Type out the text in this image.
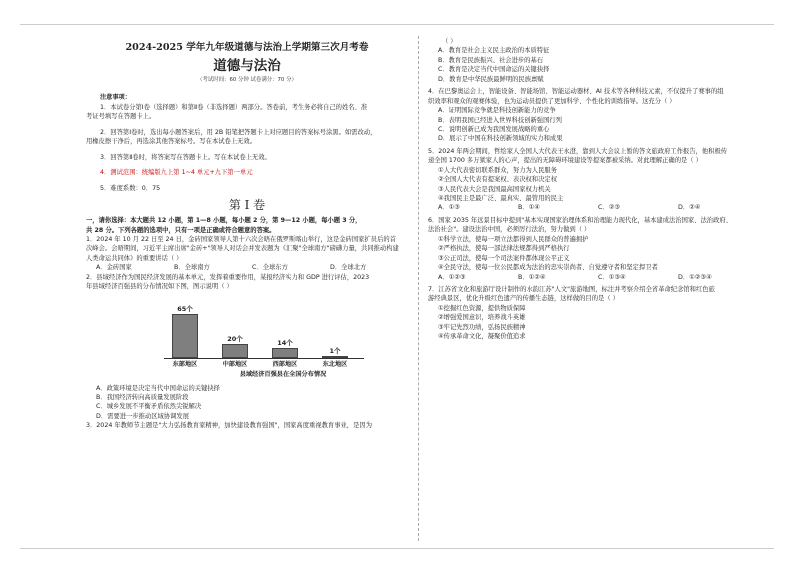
2024-2025 学年九年级道德与法治上学期第三次月考卷
道德与法治
（考试时间：60 分钟 试卷满分：70 分）
注意事项：

1．本试卷分第Ⅰ卷（选择题）和第Ⅱ卷（非选择题）两部分。答卷前，考生务必将自己的姓名、准

考证号填写在答题卡上。

2．回答第Ⅰ卷时，选出每小题答案后，用 2B 铅笔把答题卡上对应题目的答案标号涂黑。如需改动，

用橡皮擦干净后，再选涂其他答案标号。写在本试卷上无效。

3．回答第Ⅱ卷时，将答案写在答题卡上。写在本试卷上无效。

4．测试范围：统编版九上第 1~4 单元+九下第一单元

5．难度系数：0．75

第 Ⅰ 卷

一，请你选择：本大题共 12 小题，第 1—8 小题，每小题 2 分，第 9—12 小题，每小题 3 分，

共 28 分。下列各题的选项中，只有一项是正确或符合题意的答案。

1．2024 年 10 月 22 日至 24 日，金砖国家领导人第十六次会晤在俄罗斯喀山举行，这是金砖国家扩员后的首

次峰会。会晤期间，习近平主席出席"金砖+"领导人对话会并发表题为《汇聚"全球南方"磅礴力量，共同推动构建

人类命运共同体》的重要讲话（ ）

A．金砖国家	B．全球南方	C．全球东方	D．全球北方

2．县域经济作为国民经济发展的基本单元，发挥着重要作用，某报经济实力和 GDP 进行评估，2023

年县域经济百强县的分布情况如下图，图示说明（ ）

65个
东部地区
20个
中部地区
14个
西部地区
1个
东北地区
县域经济百强县在全国分布情况

A．政策环境是决定当代中国命运的关键抉择

B．我国经济转向高质量发展阶段

C．城乡发展不平衡矛盾依然尖锐解决

D．需要进一步推动区域协调发展

3．2024 年教师节主题是"大力弘扬教育家精神，加快建设教育强国"，国家高度重视教育事业，是因为

（ ）

A．教育是社会主义民主政治的本质特征

B．教育是民族振兴、社会进步的基石

C．教育是决定当代中国命运的关键抉择

D．教育是中华民族最鲜明的民族禀赋

4．在巴黎奥运会上，智能设备、智能场馆、智能运动器材、AI 技术等各种科技元素，不仅提升了赛事的组

织效率和观众的观赛体验，也为运动员提供了更加科学、个性化的训练指导。这充分（ ）

A．证明国际竞争就是科技创新能力的竞争

B．表明我国已经进入世界科技创新强国行列

C．说明创新已成为我国发展战略的重心

D．展示了中国在科技创新领域的实力和成果

5．2024 年两会期间，哲绘家人全国人大代表王永澄，靠到人大会议上暂的答文旅政府工作报告，他积极传

递全国 1700 多万狱家人的心声，提出的无障碍环境建设等提案都被采纳。对此理解正确的是（ ）

①人大代表密切联系群众，努力为人民服务

②全国人大代表有提案权、表决权和决定权

③人民代表大会是我国最高国家权力机关

④我国民主是最广泛、最真实、最管用的民主

A．①③	B．①④	C．②③	D．②④

6．国家 2035 年远景目标中提到"基本实现国家治理体系和治理能力现代化，基本建成法治国家、法治政府、

法治社会"。建设法治中国，必须厉行法治，努力做到（ ）

①科学立法，使每一项立法都得到人民群众的普遍拥护

②严格执法，使每一部法律法规都得到严格执行

③公正司法，使每一个司法案件都体现公平正义

④全民守法，使每一位公民都成为法治的忠实崇尚者、自觉遵守者和坚定捍卫者

A．①②③	B．①②④	C．①③④	D．①②③④

7．江苏省文化和旅游厅设计制作的水韵江苏"人文"旅游地图，标注并考察介绍全省革命纪念馆和红色旅

游经典景区，优化升级红色遗产的传播生态链，这样做的目的是（ ）

①挖掘红色资源，提供物质保障

②增强爱国意识，培养战斗英雄

③牢记先烈功绩，弘扬民族精神

④传承革命文化，凝聚价值追求
